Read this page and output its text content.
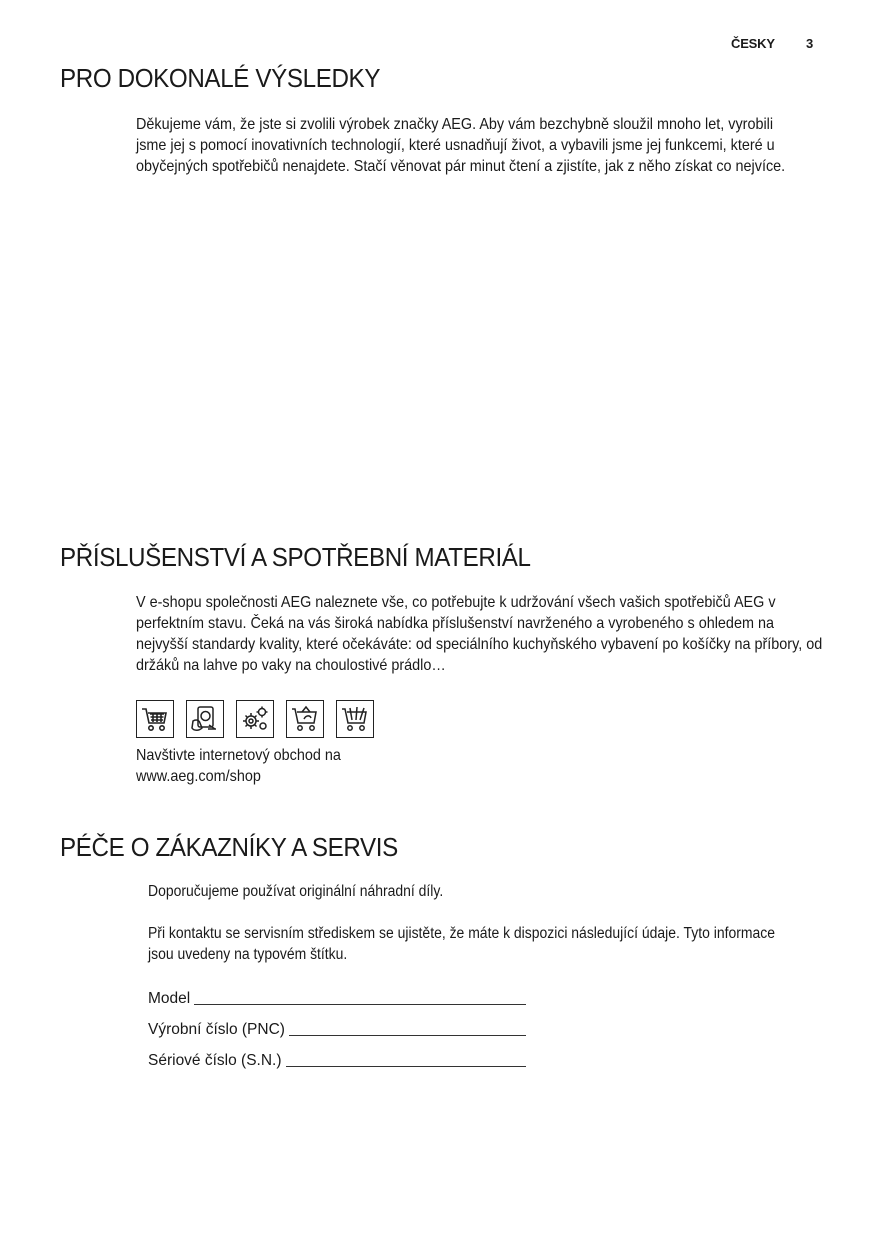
ČESKY 3
PRO DOKONALÉ VÝSLEDKY

Děkujeme vám, že jste si zvolili výrobek značky AEG. Aby vám bezchybně sloužil mnoho let, vyrobili jsme jej s pomocí inovativních technologií, které usnadňují život, a vybavili jsme jej funkcemi, které u obyčejných spotřebičů nenajdete. Stačí věnovat pár minut čtení a zjistíte, jak z něho získat co nejvíce.

PŘÍSLUŠENSTVÍ A SPOTŘEBNÍ MATERIÁL

V e-shopu společnosti AEG naleznete vše, co potřebujte k udržování všech vašich spotřebičů AEG v perfektním stavu. Čeká na vás široká nabídka příslušenství navrženého a vyrobeného s ohledem na nejvyšší standardy kvality, které očekáváte: od speciálního kuchyňského vybavení po košíčky na příbory, od držáků na lahve po vaky na choulostivé prádlo…

Navštivte internetový obchod na
www.aeg.com/shop
PÉČE O ZÁKAZNÍKY A SERVIS

Doporučujeme používat originální náhradní díly.

Při kontaktu se servisním střediskem se ujistěte, že máte k dispozici následující údaje. Tyto informace jsou uvedeny na typovém štítku.

Model
Výrobní číslo (PNC)
Sériové číslo (S.N.)
